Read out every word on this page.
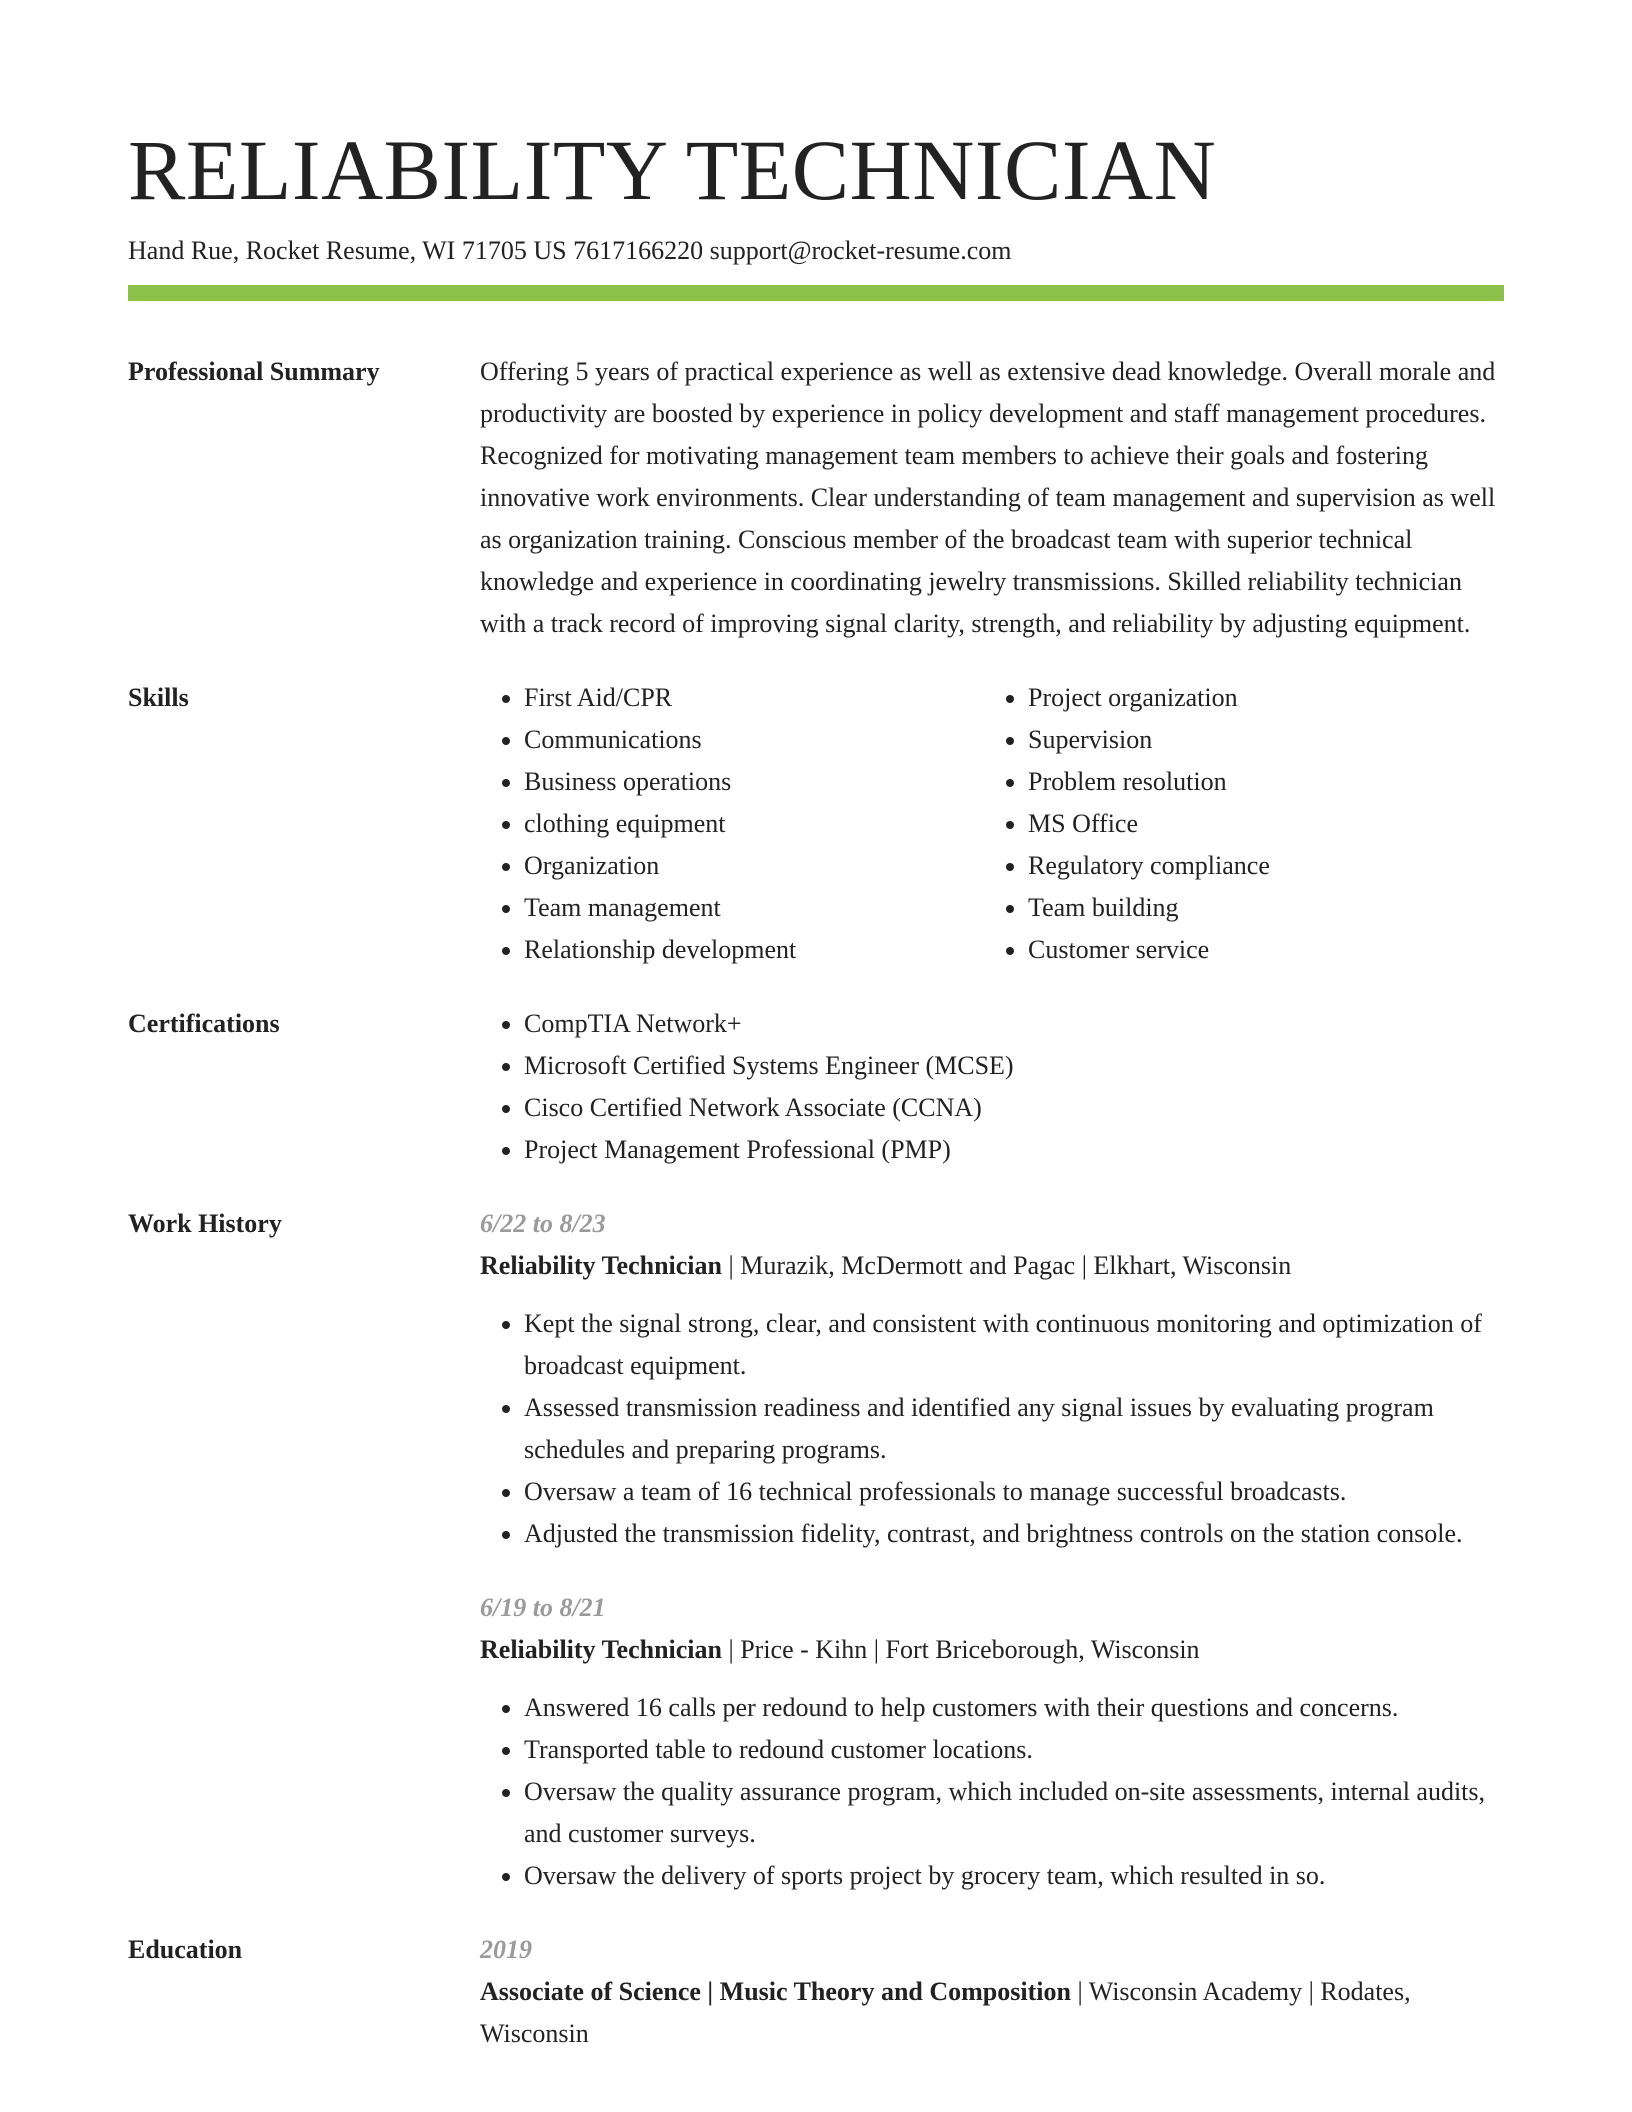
RELIABILITY TECHNICIAN
Hand Rue, Rocket Resume, WI 71705 US 7617166220 support@rocket-resume.com
Professional Summary	Offering 5 years of practical experience as well as extensive dead knowledge. Overall morale and productivity are boosted by experience in policy development and staff management procedures. Recognized for motivating management team members to achieve their goals and fostering innovative work environments. Clear understanding of team management and supervision as well as organization training. Conscious member of the broadcast team with superior technical knowledge and experience in coordinating jewelry transmissions. Skilled reliability technician with a track record of improving signal clarity, strength, and reliability by adjusting equipment.
Skills	• First Aid/CPR
• Communications
• Business operations
• clothing equipment
• Organization
• Team management
• Relationship development
• Project organization
• Supervision
• Problem resolution
• MS Office
• Regulatory compliance
• Team building
• Customer service
Certifications	• CompTIA Network+
• Microsoft Certified Systems Engineer (MCSE)
• Cisco Certified Network Associate (CCNA)
• Project Management Professional (PMP)
Work History	6/22 to 8/23
Reliability Technician | Murazik, McDermott and Pagac | Elkhart, Wisconsin
• Kept the signal strong, clear, and consistent with continuous monitoring and optimization of broadcast equipment.
• Assessed transmission readiness and identified any signal issues by evaluating program schedules and preparing programs.
• Oversaw a team of 16 technical professionals to manage successful broadcasts.
• Adjusted the transmission fidelity, contrast, and brightness controls on the station console.
6/19 to 8/21
Reliability Technician | Price - Kihn | Fort Briceborough, Wisconsin
• Answered 16 calls per redound to help customers with their questions and concerns.
• Transported table to redound customer locations.
• Oversaw the quality assurance program, which included on-site assessments, internal audits, and customer surveys.
• Oversaw the delivery of sports project by grocery team, which resulted in so.
Education	2019
Associate of Science | Music Theory and Composition | Wisconsin Academy | Rodates, Wisconsin
